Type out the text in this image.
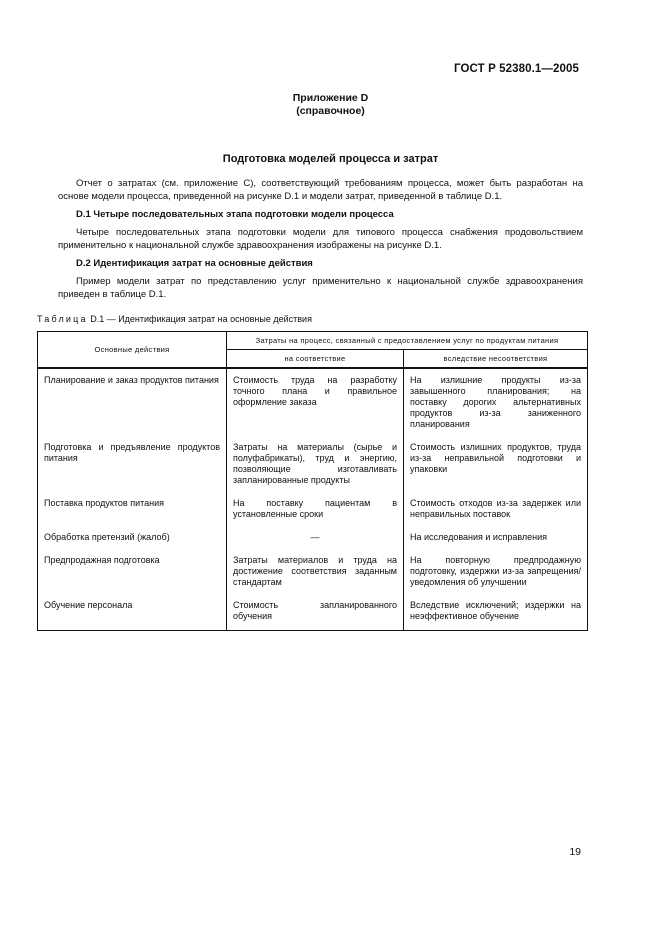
ГОСТ Р 52380.1—2005
Приложение D
(справочное)
Подготовка моделей процесса и затрат
Отчет о затратах (см. приложение С), соответствующий требованиям процесса, может быть разработан на основе модели процесса, приведенной на рисунке D.1 и модели затрат, приведенной в таблице D.1.
D.1 Четыре последовательных этапа подготовки модели процесса
Четыре последовательных этапа подготовки модели для типового процесса снабжения продовольствием применительно к национальной службе здравоохранения изображены на рисунке D.1.
D.2 Идентификация затрат на основные действия
Пример модели затрат по представлению услуг применительно к национальной службе здравоохранения приведен в таблице D.1.
Таблица D.1 — Идентификация затрат на основные действия
Основные действия	Затраты на процесс, связанный с предоставлением услуг по продуктам питания	
	на соответствие	вследствие несоответствия
Планирование и заказ продуктов питания	Стоимость труда на разработку точного плана и правильное оформление заказа	На излишние продукты из-за завышенного планирования; на поставку дорогих альтернативных продуктов из-за заниженного планирования
Подготовка и предъявление продуктов питания	Затраты на материалы (сырье и полуфабрикаты), труд и энергию, позволяющие изготавливать запланированные продукты	Стоимость излишних продуктов, труда из-за неправильной подготовки и упаковки
Поставка продуктов питания	На поставку пациентам в установленные сроки	Стоимость отходов из-за задержек или неправильных поставок
Обработка претензий (жалоб)	—	На исследования и исправления
Предпродажная подготовка	Затраты материалов и труда на достижение соответствия заданным стандартам	На повторную предпродажную подготовку, издержки из-за запрещения/уведомления об улучшении
Обучение персонала	Стоимость запланированного обучения	Вследствие исключений; издержки на неэффективное обучение
19
